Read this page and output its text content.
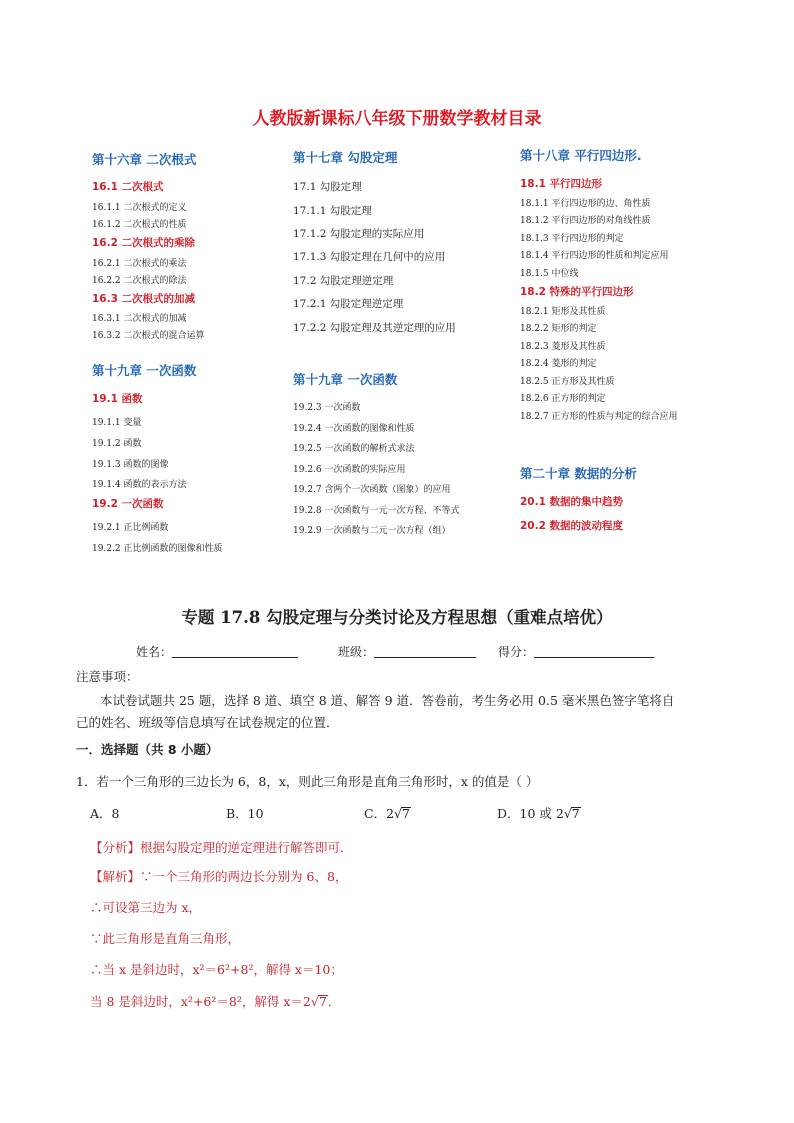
人教版新课标八年级下册数学教材目录
第十六章 二次根式
16.1 二次根式
16.1.1 二次根式的定义
16.1.2 二次根式的性质
16.2 二次根式的乘除
16.2.1 二次根式的乘法
16.2.2 二次根式的除法
16.3 二次根式的加减
16.3.1 二次根式的加减
16.3.2 二次根式的混合运算
第十九章 一次函数
19.1 函数
19.1.1 变量
19.1.2 函数
19.1.3 函数的图像
19.1.4 函数的表示方法
19.2 一次函数
19.2.1 正比例函数
19.2.2 正比例函数的图像和性质
第十七章 勾股定理
17.1 勾股定理
17.1.1 勾股定理
17.1.2 勾股定理的实际应用
17.1.3 勾股定理在几何中的应用
17.2 勾股定理逆定理
17.2.1 勾股定理逆定理
17.2.2 勾股定理及其逆定理的应用
第十九章 一次函数
19.2.3 一次函数
19.2.4 一次函数的图像和性质
19.2.5 一次函数的解析式求法
19.2.6 一次函数的实际应用
19.2.7 含两个一次函数（图象）的应用
19.2.8 一次函数与一元一次方程、不等式
19.2.9 一次函数与二元一次方程（组）
第十八章 平行四边形.
18.1 平行四边形
18.1.1 平行四边形的边、角性质
18.1.2 平行四边形的对角线性质
18.1.3 平行四边形的判定
18.1.4 平行四边形的性质和判定应用
18.1.5 中位线
18.2 特殊的平行四边形
18.2.1 矩形及其性质
18.2.2 矩形的判定
18.2.3 菱形及其性质
18.2.4 菱形的判定
18.2.5 正方形及其性质
18.2.6 正方形的判定
18.2.7 正方形的性质与判定的综合应用
第二十章 数据的分析
20.1 数据的集中趋势
20.2 数据的波动程度
专题 17.8 勾股定理与分类讨论及方程思想（重难点培优）
姓名：	班级：	得分：
注意事项：
本试卷试题共 25 题，选择 8 道、填空 8 道、解答 9 道．答卷前，考生务必用 0.5 毫米黑色签字笔将自
己的姓名、班级等信息填写在试卷规定的位置．
一．选择题（共 8 小题）
1．若一个三角形的三边长为 6，8，x，则此三角形是直角三角形时，x 的值是（ ）
A．8	B．10	C．2√7	D．10 或 2√7
【分析】根据勾股定理的逆定理进行解答即可．
【解析】∵一个三角形的两边长分别为 6、8，
∴可设第三边为 x，
∵此三角形是直角三角形，
∴当 x 是斜边时，x²＝6²+8²，解得 x＝10；
当 8 是斜边时，x²+6²＝8²，解得 x＝2√7．
